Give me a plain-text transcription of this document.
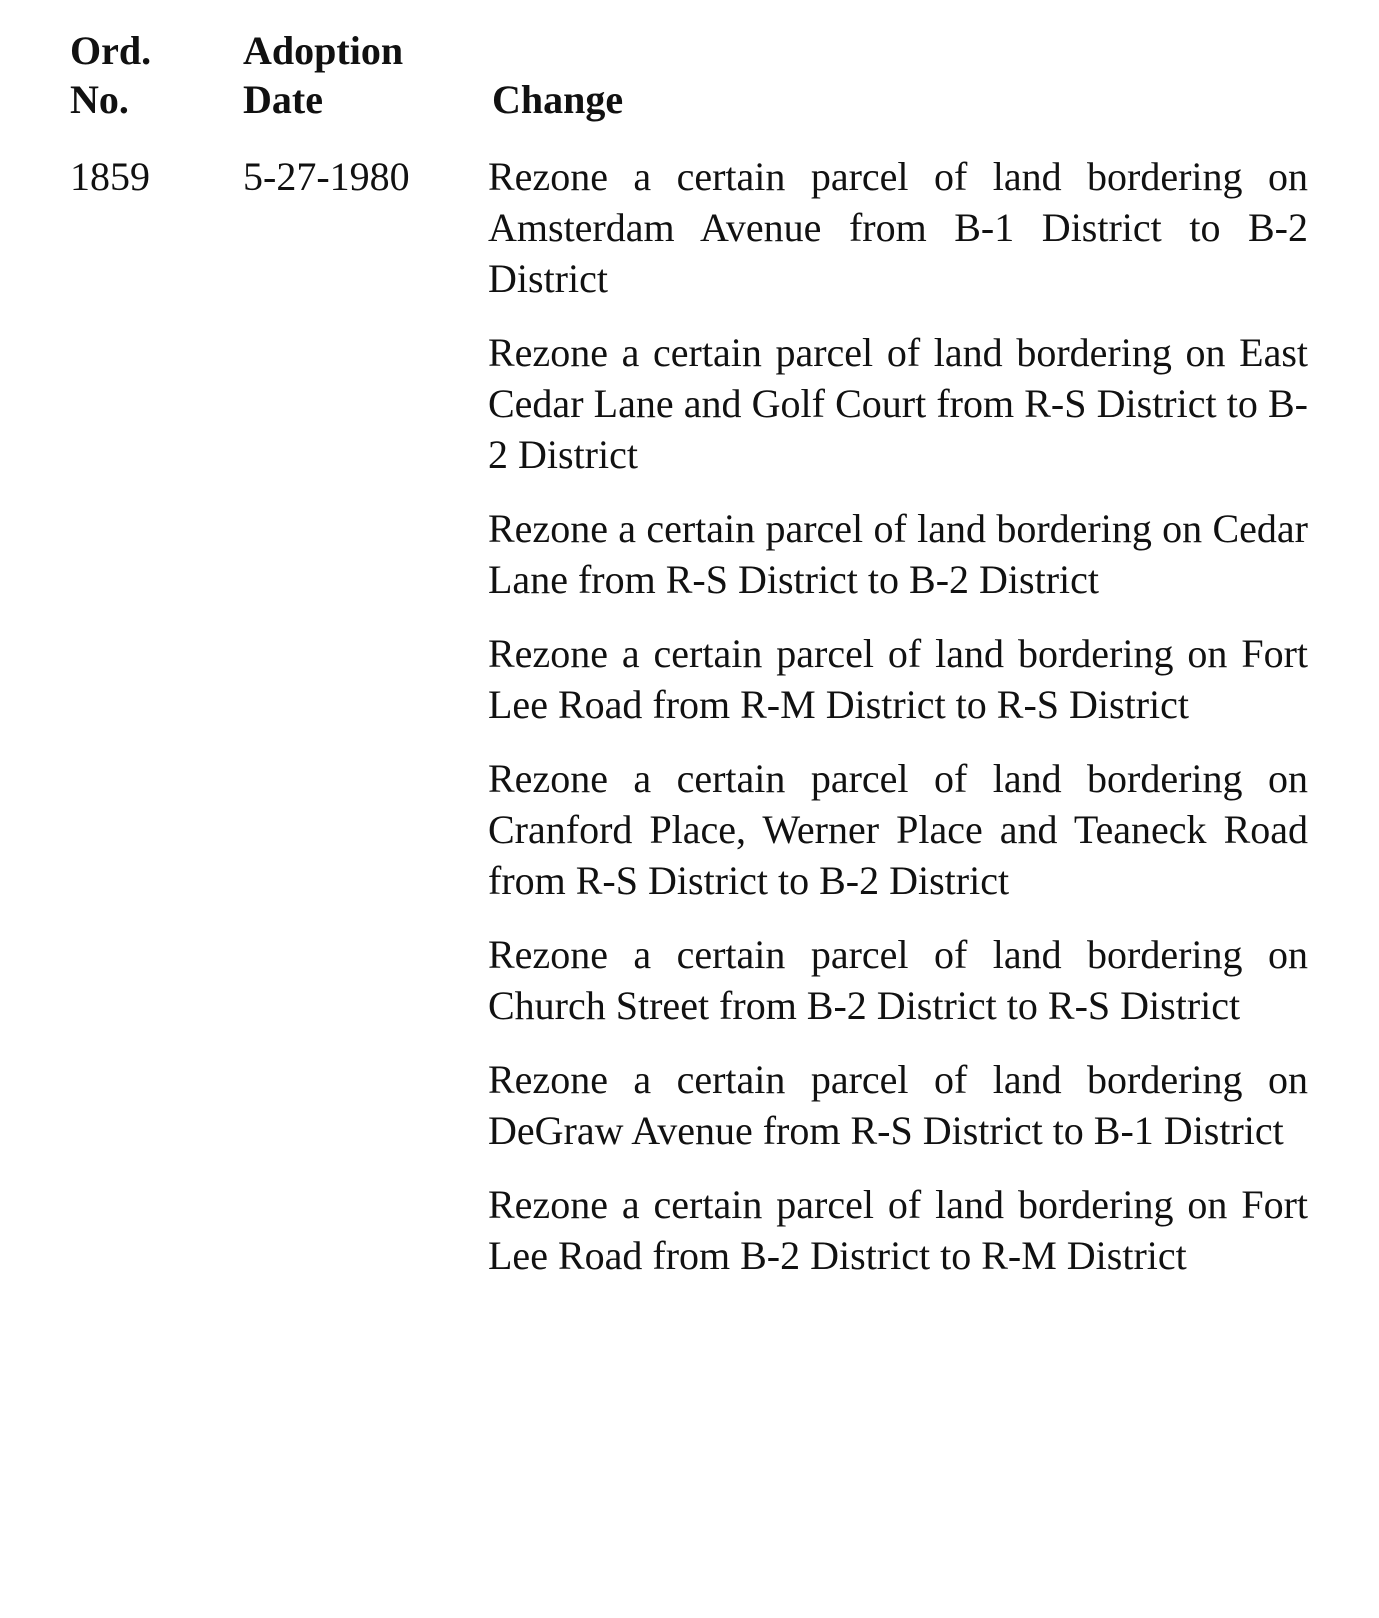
Ord. No.

Adoption Date	Change

1859 5-27-1980 Rezone a certain parcel of land bordering on Amsterdam Avenue from B-1 District to B-2 District
Rezone a certain parcel of land bordering on East Cedar Lane and Golf Court from R-S District to B-2 District
Rezone a certain parcel of land bordering on Cedar Lane from R-S District to B-2 District
Rezone a certain parcel of land bordering on Fort Lee Road from R-M District to R-S District
Rezone a certain parcel of land bordering on Cranford Place, Werner Place and Teaneck Road from R-S District to B-2 District
Rezone a certain parcel of land bordering on Church Street from B-2 District to R-S District
Rezone a certain parcel of land bordering on DeGraw Avenue from R-S District to B-1 District
Rezone a certain parcel of land bordering on Fort Lee Road from B-2 District to R-M District
